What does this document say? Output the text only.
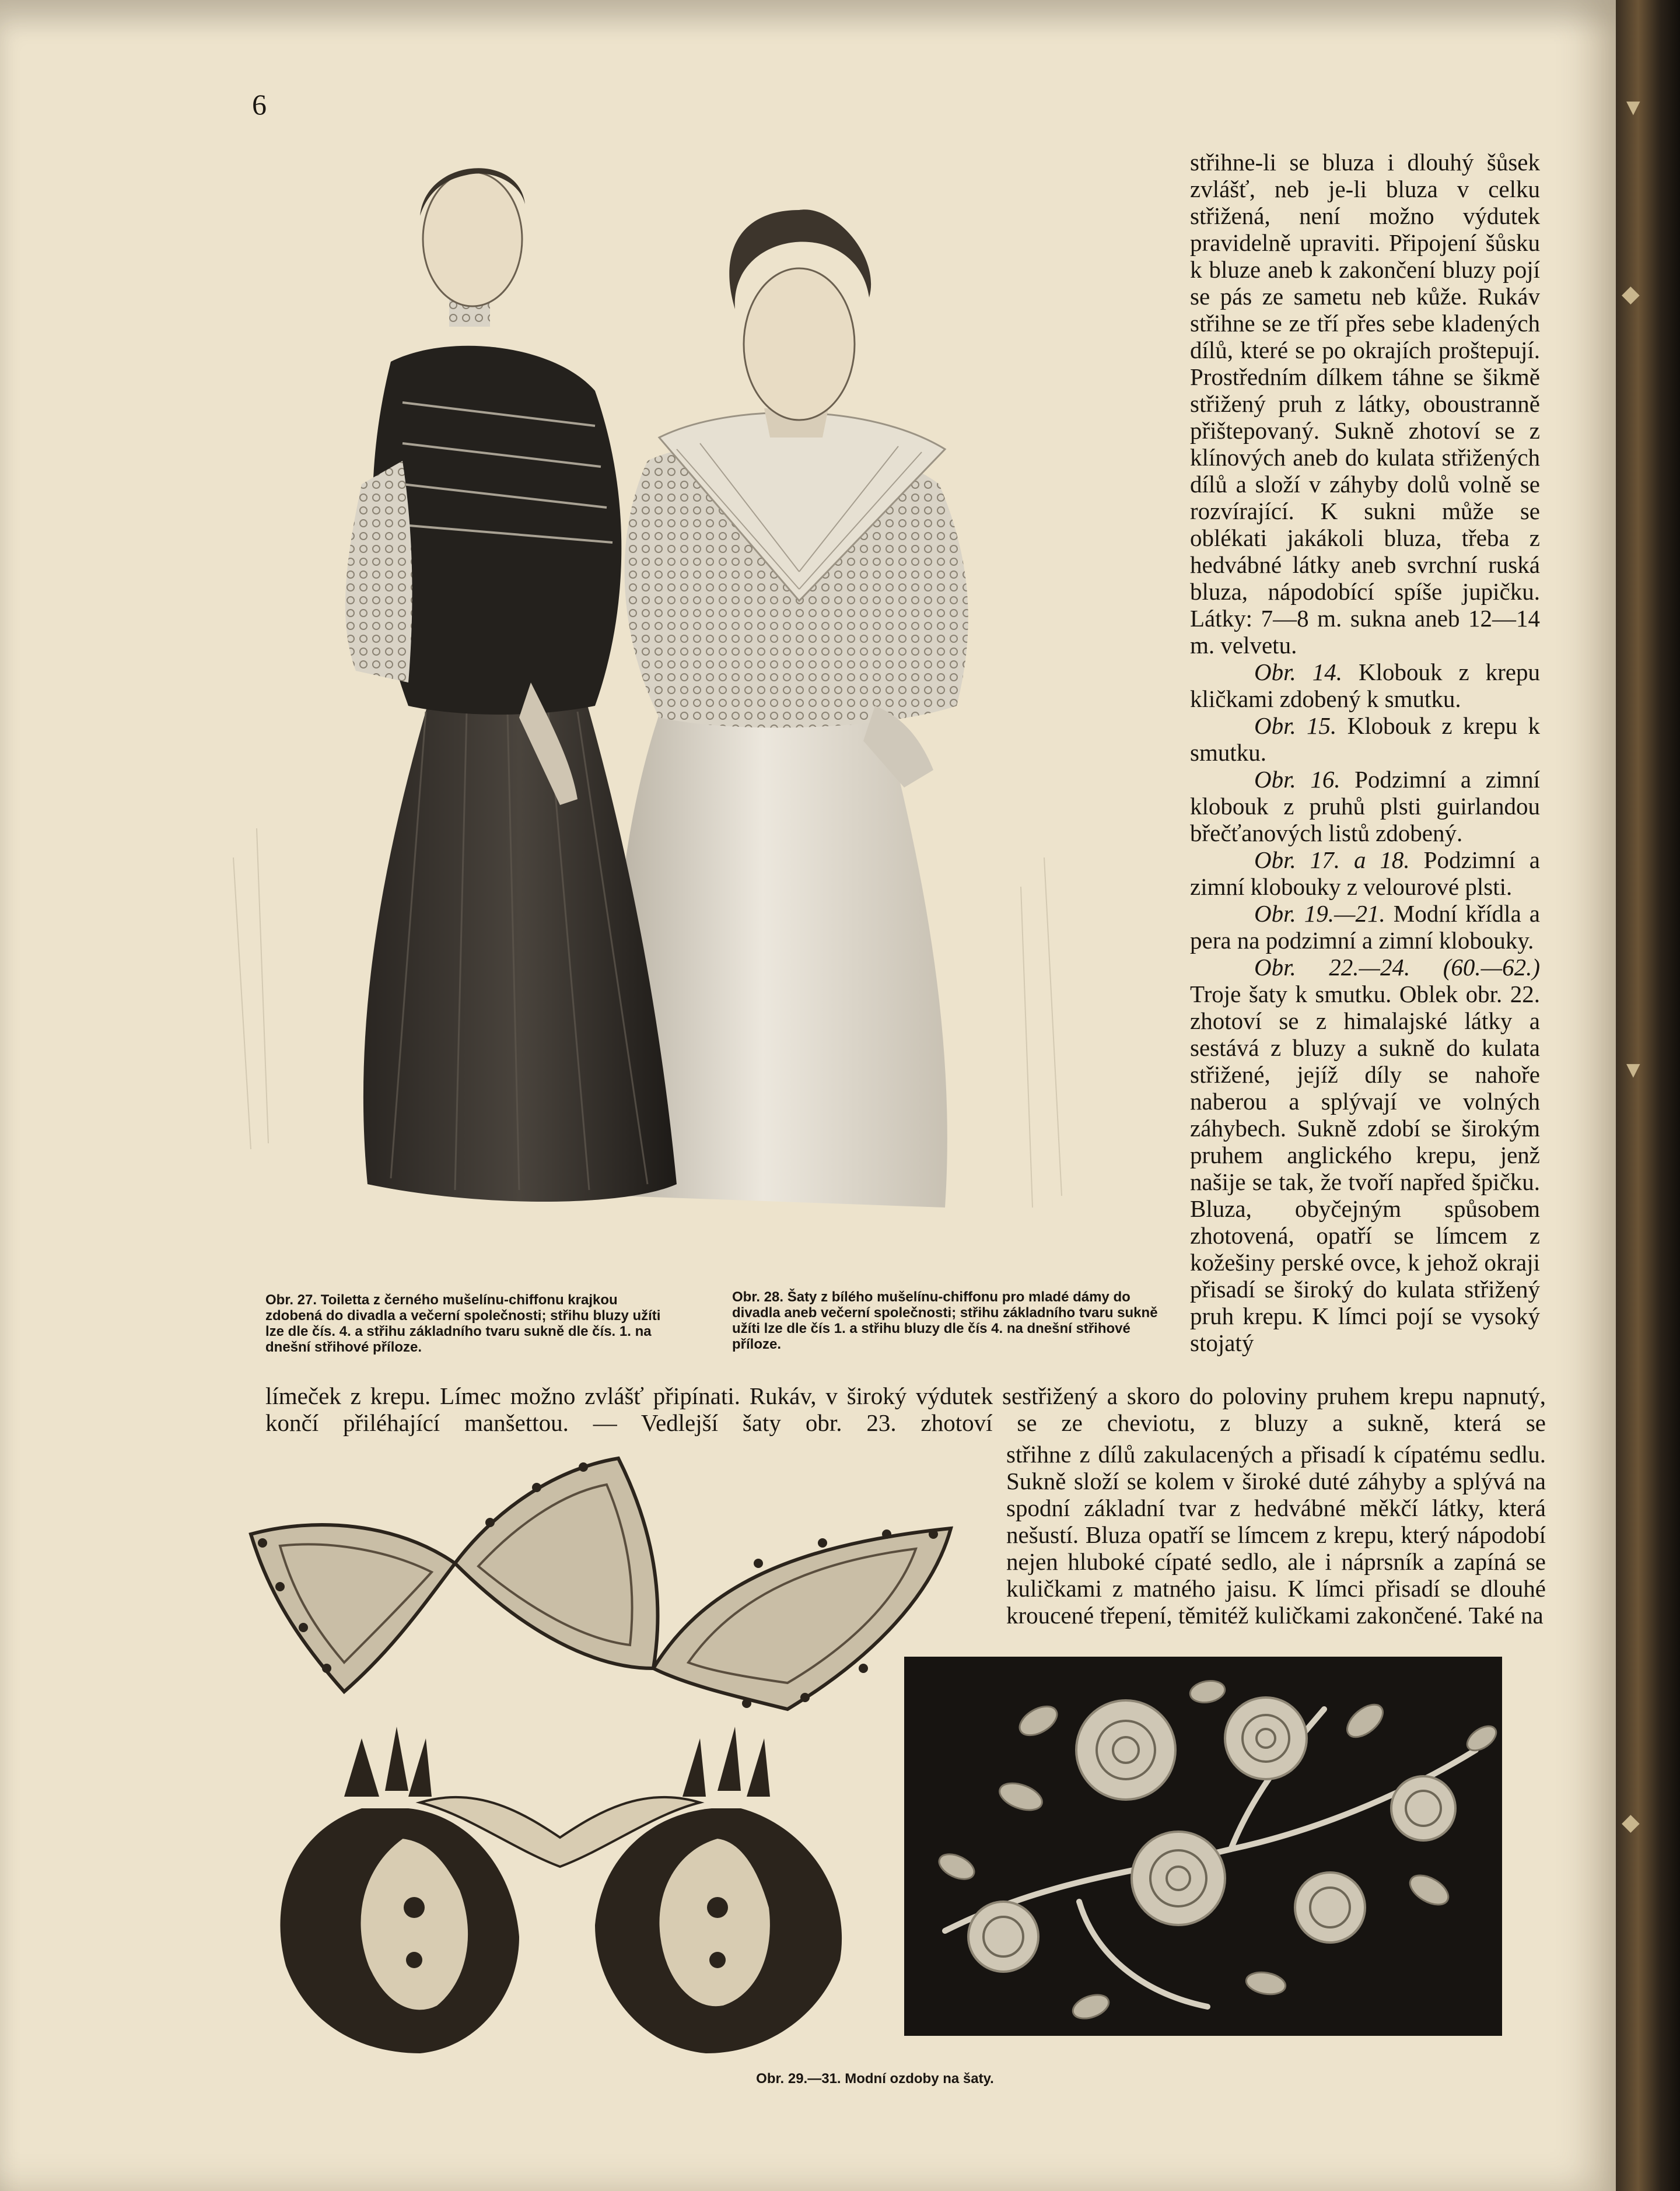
▼
◆
▼
◆
6
Obr. 27. Toiletta z černého mušelínu-chiffonu krajkou zdobená do divadla a večerní společnosti; střihu bluzy užíti lze dle čís. 4. a střihu základního tvaru sukně dle čís. 1. na dnešní střihové příloze.
Obr. 28. Šaty z bílého mušelínu-chiffonu pro mladé dámy do divadla aneb večerní společnosti; střihu základního tvaru sukně užíti lze dle čís 1. a střihu bluzy dle čís 4. na dnešní střihové příloze.

střihne-li se bluza i dlouhý šůsek zvlášť, neb je-li bluza v celku střižená, není možno výdutek pravidelně upraviti. Připojení šůsku k bluze aneb k zakončení bluzy pojí se pás ze sametu neb kůže. Rukáv střihne se ze tří přes sebe kladených dílů, které se po okrajích proštepují. Prostředním dílkem táhne se šikmě střižený pruh z látky, oboustranně přištepovaný. Sukně zhotoví se z klínových aneb do kulata střižených dílů a složí v záhyby dolů volně se rozvírající. K sukni může se oblékati jakákoli bluza, třeba z hedvábné látky aneb svrchní ruská bluza, nápodobící spíše jupičku. Látky: 7—8 m. sukna aneb 12—14 m. velvetu.

Obr. 14. Klobouk z krepu kličkami zdobený k smutku.

Obr. 15. Klobouk z krepu k smutku.

Obr. 16. Podzimní a zimní klobouk z pruhů plsti guirlandou břečťanových listů zdobený.

Obr. 17. a 18. Podzimní a zimní klobouky z velourové plsti.

Obr. 19.—21. Modní křídla a pera na podzimní a zimní klobouky.

Obr. 22.—24. (60.—62.) Troje šaty k smutku. Oblek obr. 22. zhotoví se z himalajské látky a sestává z bluzy a sukně do kulata střižené, jejíž díly se nahoře naberou a splývají ve volných záhybech. Sukně zdobí se širokým pruhem anglického krepu, jenž našije se tak, že tvoří napřed špičku. Bluza, obyčejným spůsobem zhotovená, opatří se límcem z kožešiny perské ovce, k jehož okraji přisadí se široký do kulata střižený pruh krepu. K límci pojí se vysoký stojatý

límeček z krepu. Límec možno zvlášť připínati. Rukáv, v široký výdutek sestřižený a skoro do poloviny pruhem krepu napnutý, končí přiléhající manšettou. — Vedlejší šaty obr. 23. zhotoví se ze cheviotu, z bluzy a sukně, která se
střihne z dílů zakulacených a přisadí k cípatému sedlu. Sukně složí se kolem v široké duté záhyby a splývá na spodní základní tvar z hedvábné měkčí látky, která nešustí. Bluza opatří se límcem z krepu, který nápodobí nejen hluboké cípaté sedlo, ale i náprsník a zapíná se kuličkami z matného jaisu. K límci přisadí se dlouhé kroucené třepení, těmitéž kuličkami zakončené. Také na
Obr. 29.—31. Modní ozdoby na šaty.
